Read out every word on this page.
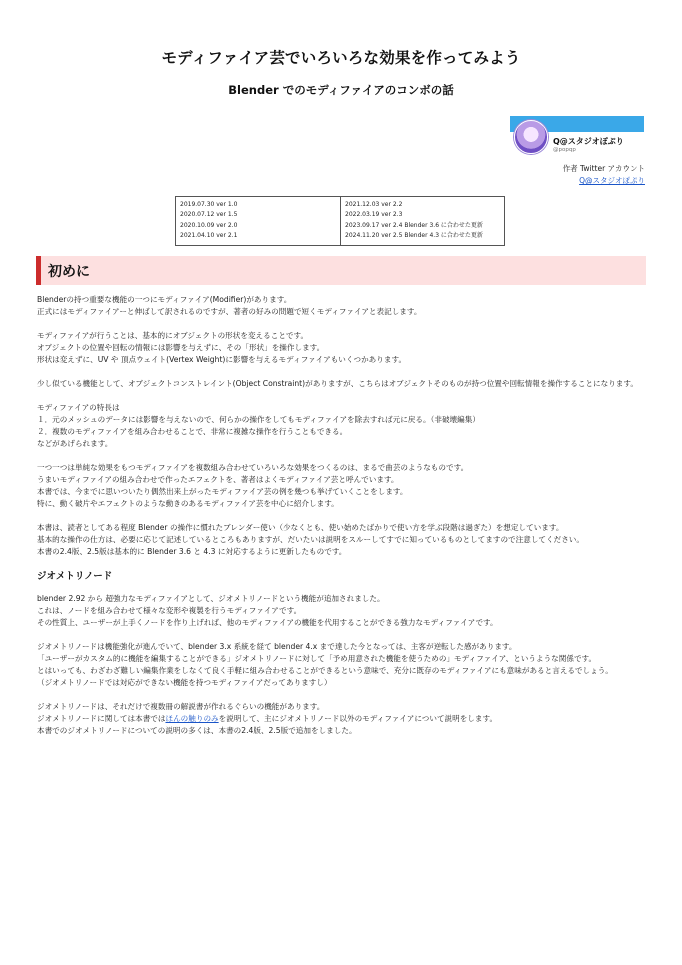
モディファイア芸でいろいろな効果を作ってみよう
Blender でのモディファイアのコンボの話
Q@スタジオぽぷり
@popqp
作者 Twitter アカウント
Q@スタジオぽぷり
2019.07.30 ver 1.0
2020.07.12 ver 1.5
2020.10.09 ver 2.0
2021.04.10 ver 2.1
2021.12.03 ver 2.2
2022.03.19 ver 2.3
2023.09.17 ver 2.4 Blender 3.6 に合わせた更新
2024.11.20 ver 2.5 Blender 4.3 に合わせた更新
初めに

Blenderの持つ重要な機能の一つにモディファイア(Modifier)があります。
正式にはモディファイアーと伸ばして訳されるのですが、著者の好みの問題で短くモディファイアと表記します。

モディファイアが行うことは、基本的にオブジェクトの形状を変えることです。
オブジェクトの位置や回転の情報には影響を与えずに、その「形状」を操作します。
形状は変えずに、UV や 頂点ウェイト(Vertex Weight)に影響を与えるモディファイアもいくつかあります。

少し似ている機能として、オブジェクトコンストレイント(Object Constraint)がありますが、こちらはオブジェクトそのものが持つ位置や回転情報を操作することになります。

モディファイアの特長は
１．元のメッシュのデータには影響を与えないので、何らかの操作をしてもモディファイアを除去すれば元に戻る。（非破壊編集）
２．複数のモディファイアを組み合わせることで、非常に複雑な操作を行うこともできる。
などがあげられます。

一つ一つは単純な効果をもつモディファイアを複数組み合わせていろいろな効果をつくるのは、まるで曲芸のようなものです。
うまいモディファイアの組み合わせで作ったエフェクトを、著者はよくモディファイア芸と呼んでいます。
本書では、今までに思いついたり偶然出来上がったモディファイア芸の例を幾つも挙げていくことをします。
特に、動く破片やエフェクトのような動きのあるモディファイア芸を中心に紹介します。

本書は、読者としてある程度 Blender の操作に慣れたブレンダー使い（少なくとも、使い始めたばかりで使い方を学ぶ段階は過ぎた）を想定しています。
基本的な操作の仕方は、必要に応じて記述しているところもありますが、だいたいは説明をスルーしてすでに知っているものとしてますので注意してください。
本書の2.4版、2.5版は基本的に Blender 3.6 と 4.3 に対応するように更新したものです。

ジオメトリノード

blender 2.92 から 超強力なモディファイアとして、ジオメトリノードという機能が追加されました。
これは、ノードを組み合わせて様々な変形や複製を行うモディファイアです。
その性質上、ユーザーが上手くノードを作り上げれば、他のモディファイアの機能を代用することができる強力なモディファイアです。

ジオメトリノードは機能強化が進んでいて、blender 3.x 系統を経て blender 4.x まで達した今となっては、主客が逆転した感があります。
「ユーザーがカスタム的に機能を編集することができる」ジオメトリノードに対して「予め用意された機能を使うための」モディファイア、というような関係です。
とはいっても、わざわざ難しい編集作業をしなくて良く手軽に組み合わせることができるという意味で、充分に既存のモディファイアにも意味があると言えるでしょう。
（ジオメトリノードでは対応ができない機能を持つモディファイアだってありますし）

ジオメトリノードは、それだけで複数冊の解説書が作れるぐらいの機能があります。
ジオメトリノードに関しては本書ではほんの触りのみを説明して、主にジオメトリノード以外のモディファイアについて説明をします。
本書でのジオメトリノードについての説明の多くは、本書の2.4版、2.5版で追加をしました。
